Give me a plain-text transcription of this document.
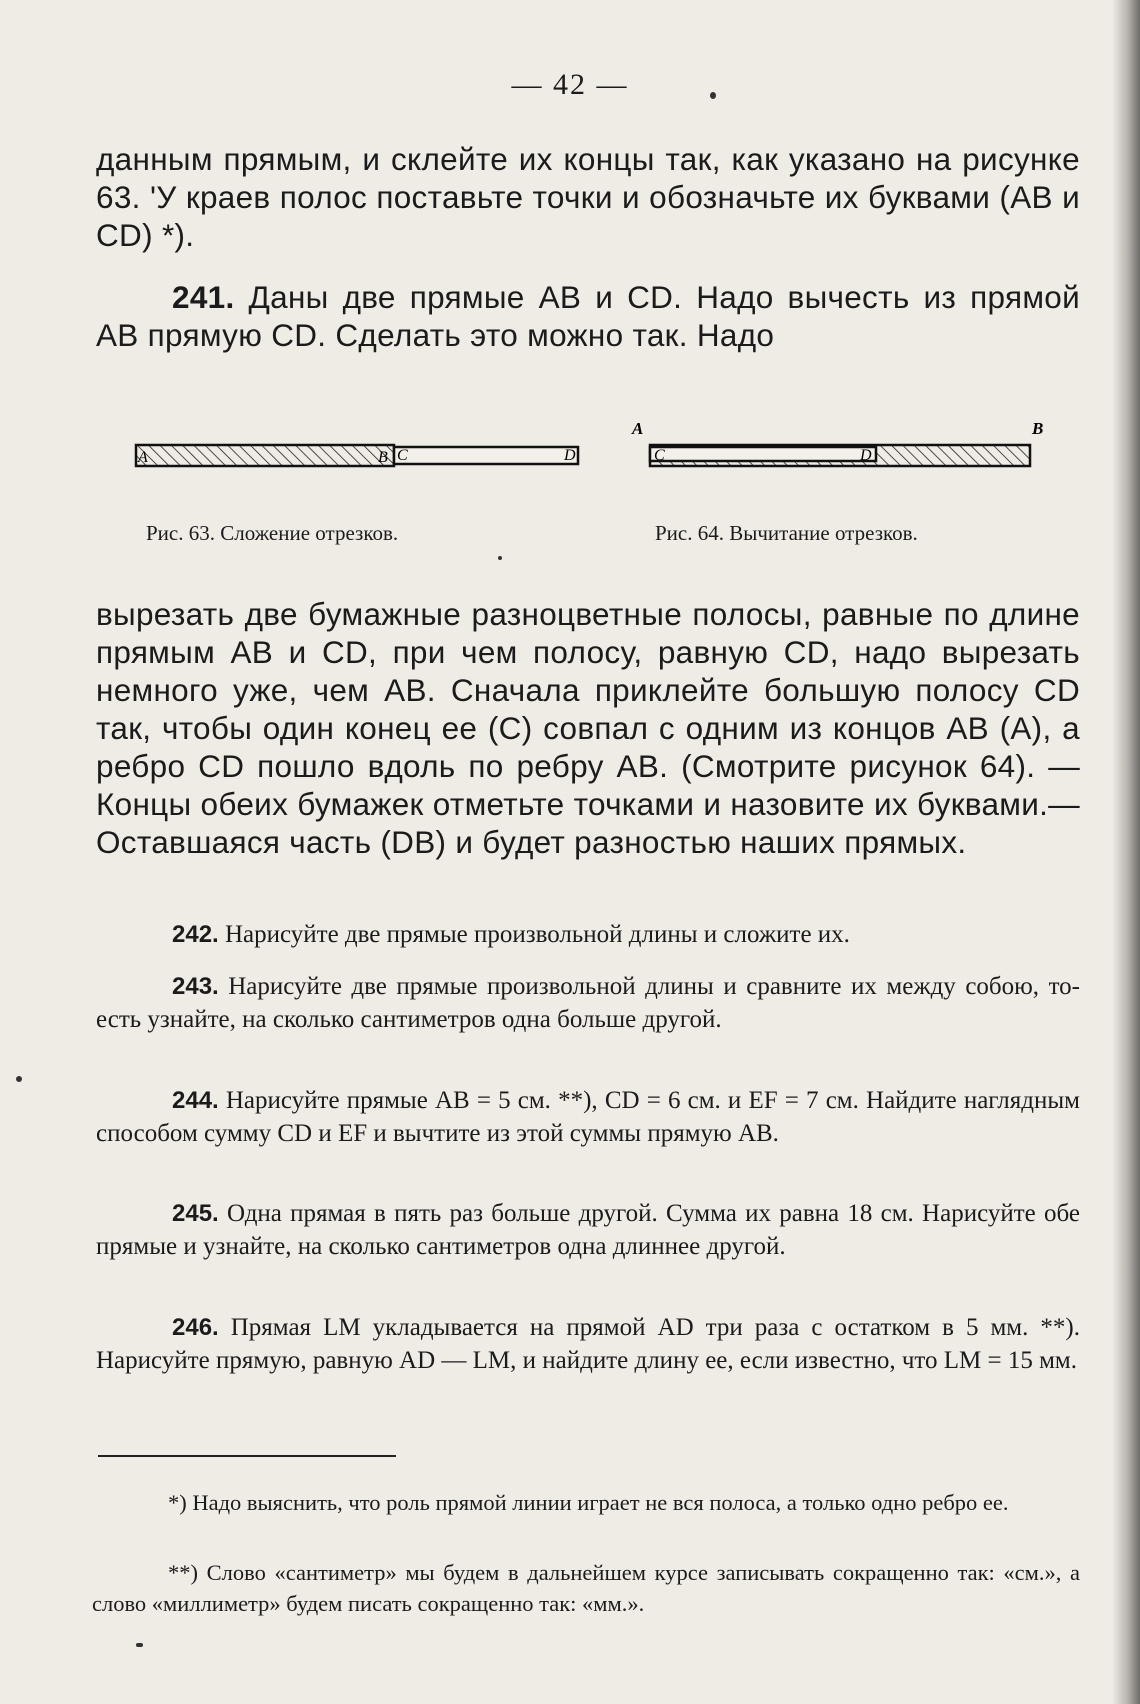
— 42 —
данным прямым, и склейте их концы так, как указано на рисунке 63. 'У краев полос поставьте точки и обозначьте их буквами (AB и CD) *).
241. Даны две прямые AB и CD. Надо вычесть из прямой AB прямую CD. Сделать это можно так. Надо
A	B C	D
A	B
C	D
Рис. 63. Сложение отрезков.	Рис. 64. Вычитание отрезков.
вырезать две бумажные разноцветные полосы, равные по длине прямым AB и CD, при чем полосу, равную CD, надо вырезать немного уже, чем AB. Сначала приклейте большую полосу CD так, чтобы один конец ее (C) совпал с одним из концов AB (A), а ребро CD пошло вдоль по ребру AB. (Смотрите рисунок 64). — Концы обеих бумажек отметьте точками и назовите их буквами.—Оставшаяся часть (DB) и будет разностью наших прямых.
242. Нарисуйте две прямые произвольной длины и сложите их.
243. Нарисуйте две прямые произвольной длины и сравните их между собою, то-есть узнайте, на сколько сантиметров одна больше другой.
244. Нарисуйте прямые AB = 5 см. **), CD = 6 см. и EF = 7 см. Найдите наглядным способом сумму CD и EF и вычтите из этой суммы прямую AB.
245. Одна прямая в пять раз больше другой. Сумма их равна 18 см. Нарисуйте обе прямые и узнайте, на сколько сантиметров одна длиннее другой.
246. Прямая LM укладывается на прямой AD три раза с остатком в 5 мм. **). Нарисуйте прямую, равную AD — LM, и найдите длину ее, если известно, что LM = 15 мм.
*) Надо выяснить, что роль прямой линии играет не вся полоса, а только одно ребро ее.
**) Слово «сантиметр» мы будем в дальнейшем курсе записывать сокращенно так: «см.», а слово «миллиметр» будем писать сокращенно так: «мм.».
